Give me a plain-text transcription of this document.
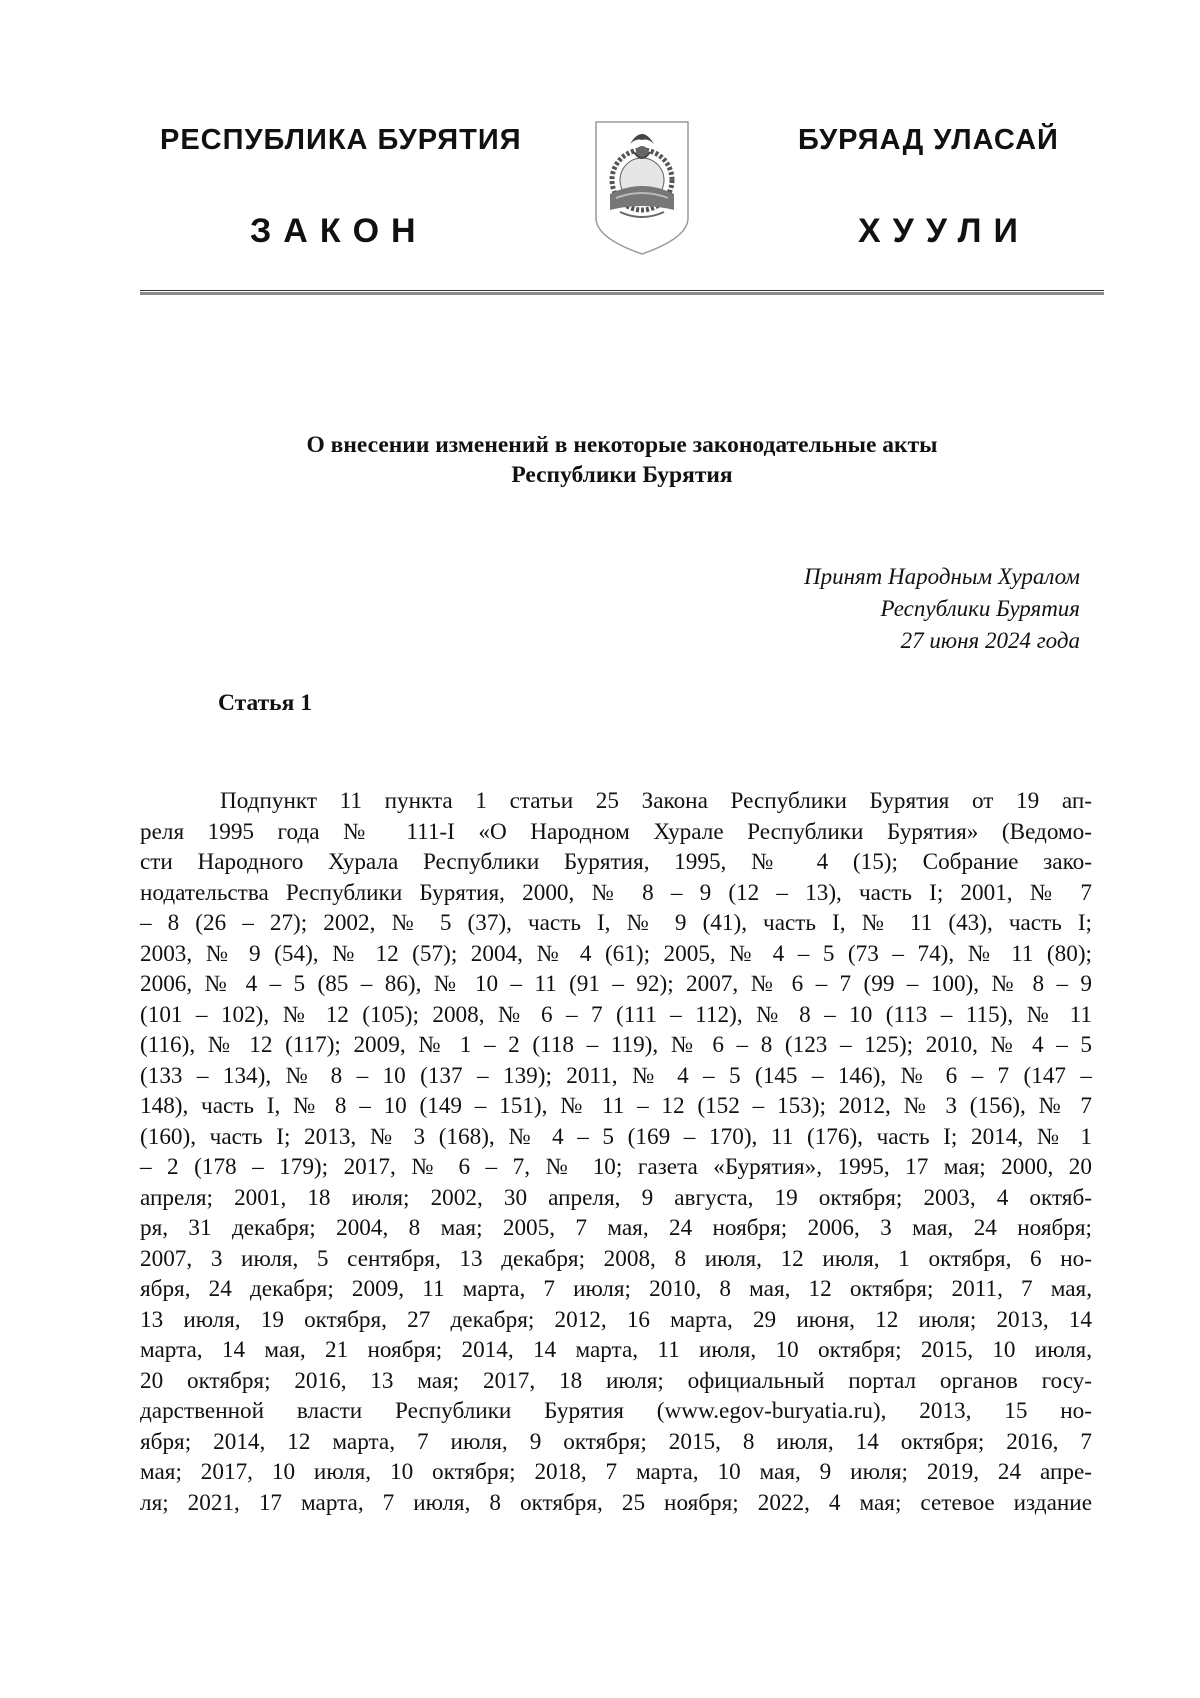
РЕСПУБЛИКА БУРЯТИЯ
ЗАКОН
БУРЯАД УЛАСАЙ
ХУУЛИ
О внесении изменений в некоторые законодательные акты
Республики Бурятия
Принят Народным Хуралом
Республики Бурятия
27 июня 2024 года
Статья 1
Подпункт 11 пункта 1 статьи 25 Закона Республики Бурятия от 19 ап-
реля 1995 года № 111-I «О Народном Хурале Республики Бурятия» (Ведомо-
сти Народного Хурала Республики Бурятия, 1995, № 4 (15); Собрание зако-
нодательства Республики Бурятия, 2000, № 8 – 9 (12 – 13), часть I; 2001, № 7
– 8 (26 – 27); 2002, № 5 (37), часть I, № 9 (41), часть I, № 11 (43), часть I;
2003, № 9 (54), № 12 (57); 2004, № 4 (61); 2005, № 4 – 5 (73 – 74), № 11 (80);
2006, № 4 – 5 (85 – 86), № 10 – 11 (91 – 92); 2007, № 6 – 7 (99 – 100), № 8 – 9
(101 – 102), № 12 (105); 2008, № 6 – 7 (111 – 112), № 8 – 10 (113 – 115), № 11
(116), № 12 (117); 2009, № 1 – 2 (118 – 119), № 6 – 8 (123 – 125); 2010, № 4 – 5
(133 – 134), № 8 – 10 (137 – 139); 2011, № 4 – 5 (145 – 146), № 6 – 7 (147 –
148), часть I, № 8 – 10 (149 – 151), № 11 – 12 (152 – 153); 2012, № 3 (156), № 7
(160), часть I; 2013, № 3 (168), № 4 – 5 (169 – 170), 11 (176), часть I; 2014, № 1
– 2 (178 – 179); 2017, № 6 – 7, № 10; газета «Бурятия», 1995, 17 мая; 2000, 20
апреля; 2001, 18 июля; 2002, 30 апреля, 9 августа, 19 октября; 2003, 4 октяб-
ря, 31 декабря; 2004, 8 мая; 2005, 7 мая, 24 ноября; 2006, 3 мая, 24 ноября;
2007, 3 июля, 5 сентября, 13 декабря; 2008, 8 июля, 12 июля, 1 октября, 6 но-
ября, 24 декабря; 2009, 11 марта, 7 июля; 2010, 8 мая, 12 октября; 2011, 7 мая,
13 июля, 19 октября, 27 декабря; 2012, 16 марта, 29 июня, 12 июля; 2013, 14
марта, 14 мая, 21 ноября; 2014, 14 марта, 11 июля, 10 октября; 2015, 10 июля,
20 октября; 2016, 13 мая; 2017, 18 июля; официальный портал органов госу-
дарственной власти Республики Бурятия (www.egov-buryatia.ru), 2013, 15 но-
ября; 2014, 12 марта, 7 июля, 9 октября; 2015, 8 июля, 14 октября; 2016, 7
мая; 2017, 10 июля, 10 октября; 2018, 7 марта, 10 мая, 9 июля; 2019, 24 апре-
ля; 2021, 17 марта, 7 июля, 8 октября, 25 ноября; 2022, 4 мая; сетевое издание
